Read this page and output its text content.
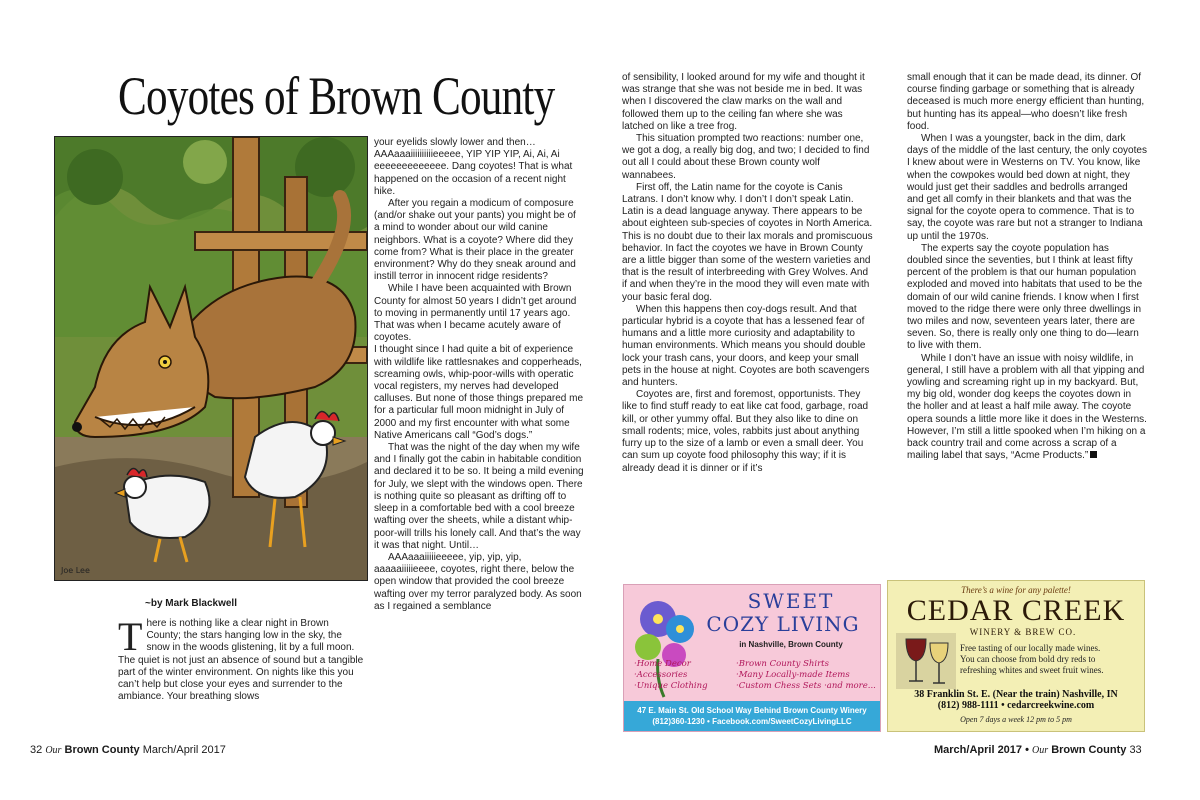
Coyotes of Brown County
Joe Lee
~by Mark Blackwell

There is nothing like a clear night in Brown County; the stars hanging low in the sky, the snow in the woods glistening, lit by a full moon. The quiet is not just an absence of sound but a tangible part of the winter environment. On nights like this you can’t help but close your eyes and surrender to the ambiance. Your breathing slows

your eyelids slowly lower and then… AAAaaaiiiiiiiiiieeeee, YIP YIP YIP, Ai, Ai, Ai eeeeeeeeeeeee. Dang coyotes! That is what happened on the occasion of a recent night hike.

After you regain a modicum of composure (and/or shake out your pants) you might be of a mind to wonder about our wild canine neighbors. What is a coyote? Where did they come from? What is their place in the greater environment? Why do they sneak around and instill terror in innocent ridge residents?

While I have been acquainted with Brown County for almost 50 years I didn’t get around to moving in permanently until 17 years ago. That was when I became acutely aware of coyotes.

I thought since I had quite a bit of experience with wildlife like rattlesnakes and copperheads, screaming owls, whip-poor-wills with operatic vocal registers, my nerves had developed calluses. But none of those things prepared me for a particular full moon midnight in July of 2000 and my first encounter with what some Native Americans call “God’s dogs.”

That was the night of the day when my wife and I finally got the cabin in habitable condition and declared it to be so. It being a mild evening for July, we slept with the windows open. There is nothing quite so pleasant as drifting off to sleep in a comfortable bed with a cool breeze wafting over the sheets, while a distant whip-poor-will trills his lonely call. And that’s the way it was that night. Until…

AAAaaaiiiiieeeee, yip, yip, yip, aaaaaiiiiieeee, coyotes, right there, below the open window that provided the cool breeze wafting over my terror paralyzed body. As soon as I regained a semblance

of sensibility, I looked around for my wife and thought it was strange that she was not beside me in bed. It was when I discovered the claw marks on the wall and followed them up to the ceiling fan where she was latched on like a tree frog.

This situation prompted two reactions: number one, we got a dog, a really big dog, and two; I decided to find out all I could about these Brown county wolf wannabees.

First off, the Latin name for the coyote is Canis Latrans. I don’t know why. I don’t I don’t speak Latin. Latin is a dead language anyway. There appears to be about eighteen sub-species of coyotes in North America. This is no doubt due to their lax morals and promiscuous behavior. In fact the coyotes we have in Brown County are a little bigger than some of the western varieties and that is the result of interbreeding with Grey Wolves. And if and when they’re in the mood they will even mate with your basic feral dog.

When this happens then coy-dogs result. And that particular hybrid is a coyote that has a lessened fear of humans and a little more curiosity and adaptability to human environments. Which means you should double lock your trash cans, your doors, and keep your small pets in the house at night. Coyotes are both scavengers and hunters.

Coyotes are, first and foremost, opportunists. They like to find stuff ready to eat like cat food, garbage, road kill, or other yummy offal. But they also like to dine on small rodents; mice, voles, rabbits just about anything furry up to the size of a lamb or even a small deer. You can sum up coyote food philosophy this way; if it is already dead it is dinner or if it’s

small enough that it can be made dead, its dinner. Of course finding garbage or something that is already deceased is much more energy efficient than hunting, but hunting has its appeal—who doesn’t like fresh food.

When I was a youngster, back in the dim, dark days of the middle of the last century, the only coyotes I knew about were in Westerns on TV. You know, like when the cowpokes would bed down at night, they would just get their saddles and bedrolls arranged and get all comfy in their blankets and that was the signal for the coyote opera to commence. That is to say, the coyote was rare but not a stranger to Indiana up until the 1970s.

The experts say the coyote population has doubled since the seventies, but I think at least fifty percent of the problem is that our human population exploded and moved into habitats that used to be the domain of our wild canine friends. I know when I first moved to the ridge there were only three dwellings in two miles and now, seventeen years later, there are seven. So, there is really only one thing to do—learn to live with them.

While I don’t have an issue with noisy wildlife, in general, I still have a problem with all that yipping and yowling and screaming right up in my backyard. But, my big old, wonder dog keeps the coyotes down in the holler and at least a half mile away. The coyote opera sounds a little more like it does in the Westerns. However, I’m still a little spooked when I’m hiking on a back country trail and come across a scrap of a mailing label that says, “Acme Products.”

SWEET
COZY LIVING
in Nashville, Brown County
·Home Decor
·Accessories
·Unique Clothing
·Brown County Shirts
·Many Locally-made Items
·Custom Chess Sets ·and more...
47 E. Main St. Old School Way Behind Brown County Winery
(812)360-1230 • Facebook.com/SweetCozyLivingLLC
There’s a wine for any palette!
CEDAR CREEK
WINERY & BREW CO.
Free tasting of our locally made wines.
You can choose from bold dry reds to
refreshing whites and sweet fruit wines.
38 Franklin St. E. (Near the train) Nashville, IN
(812) 988-1111 • cedarcreekwine.com
Open 7 days a week 12 pm to 5 pm
32 Our Brown County March/April 2017	March/April 2017 • Our Brown County 33
